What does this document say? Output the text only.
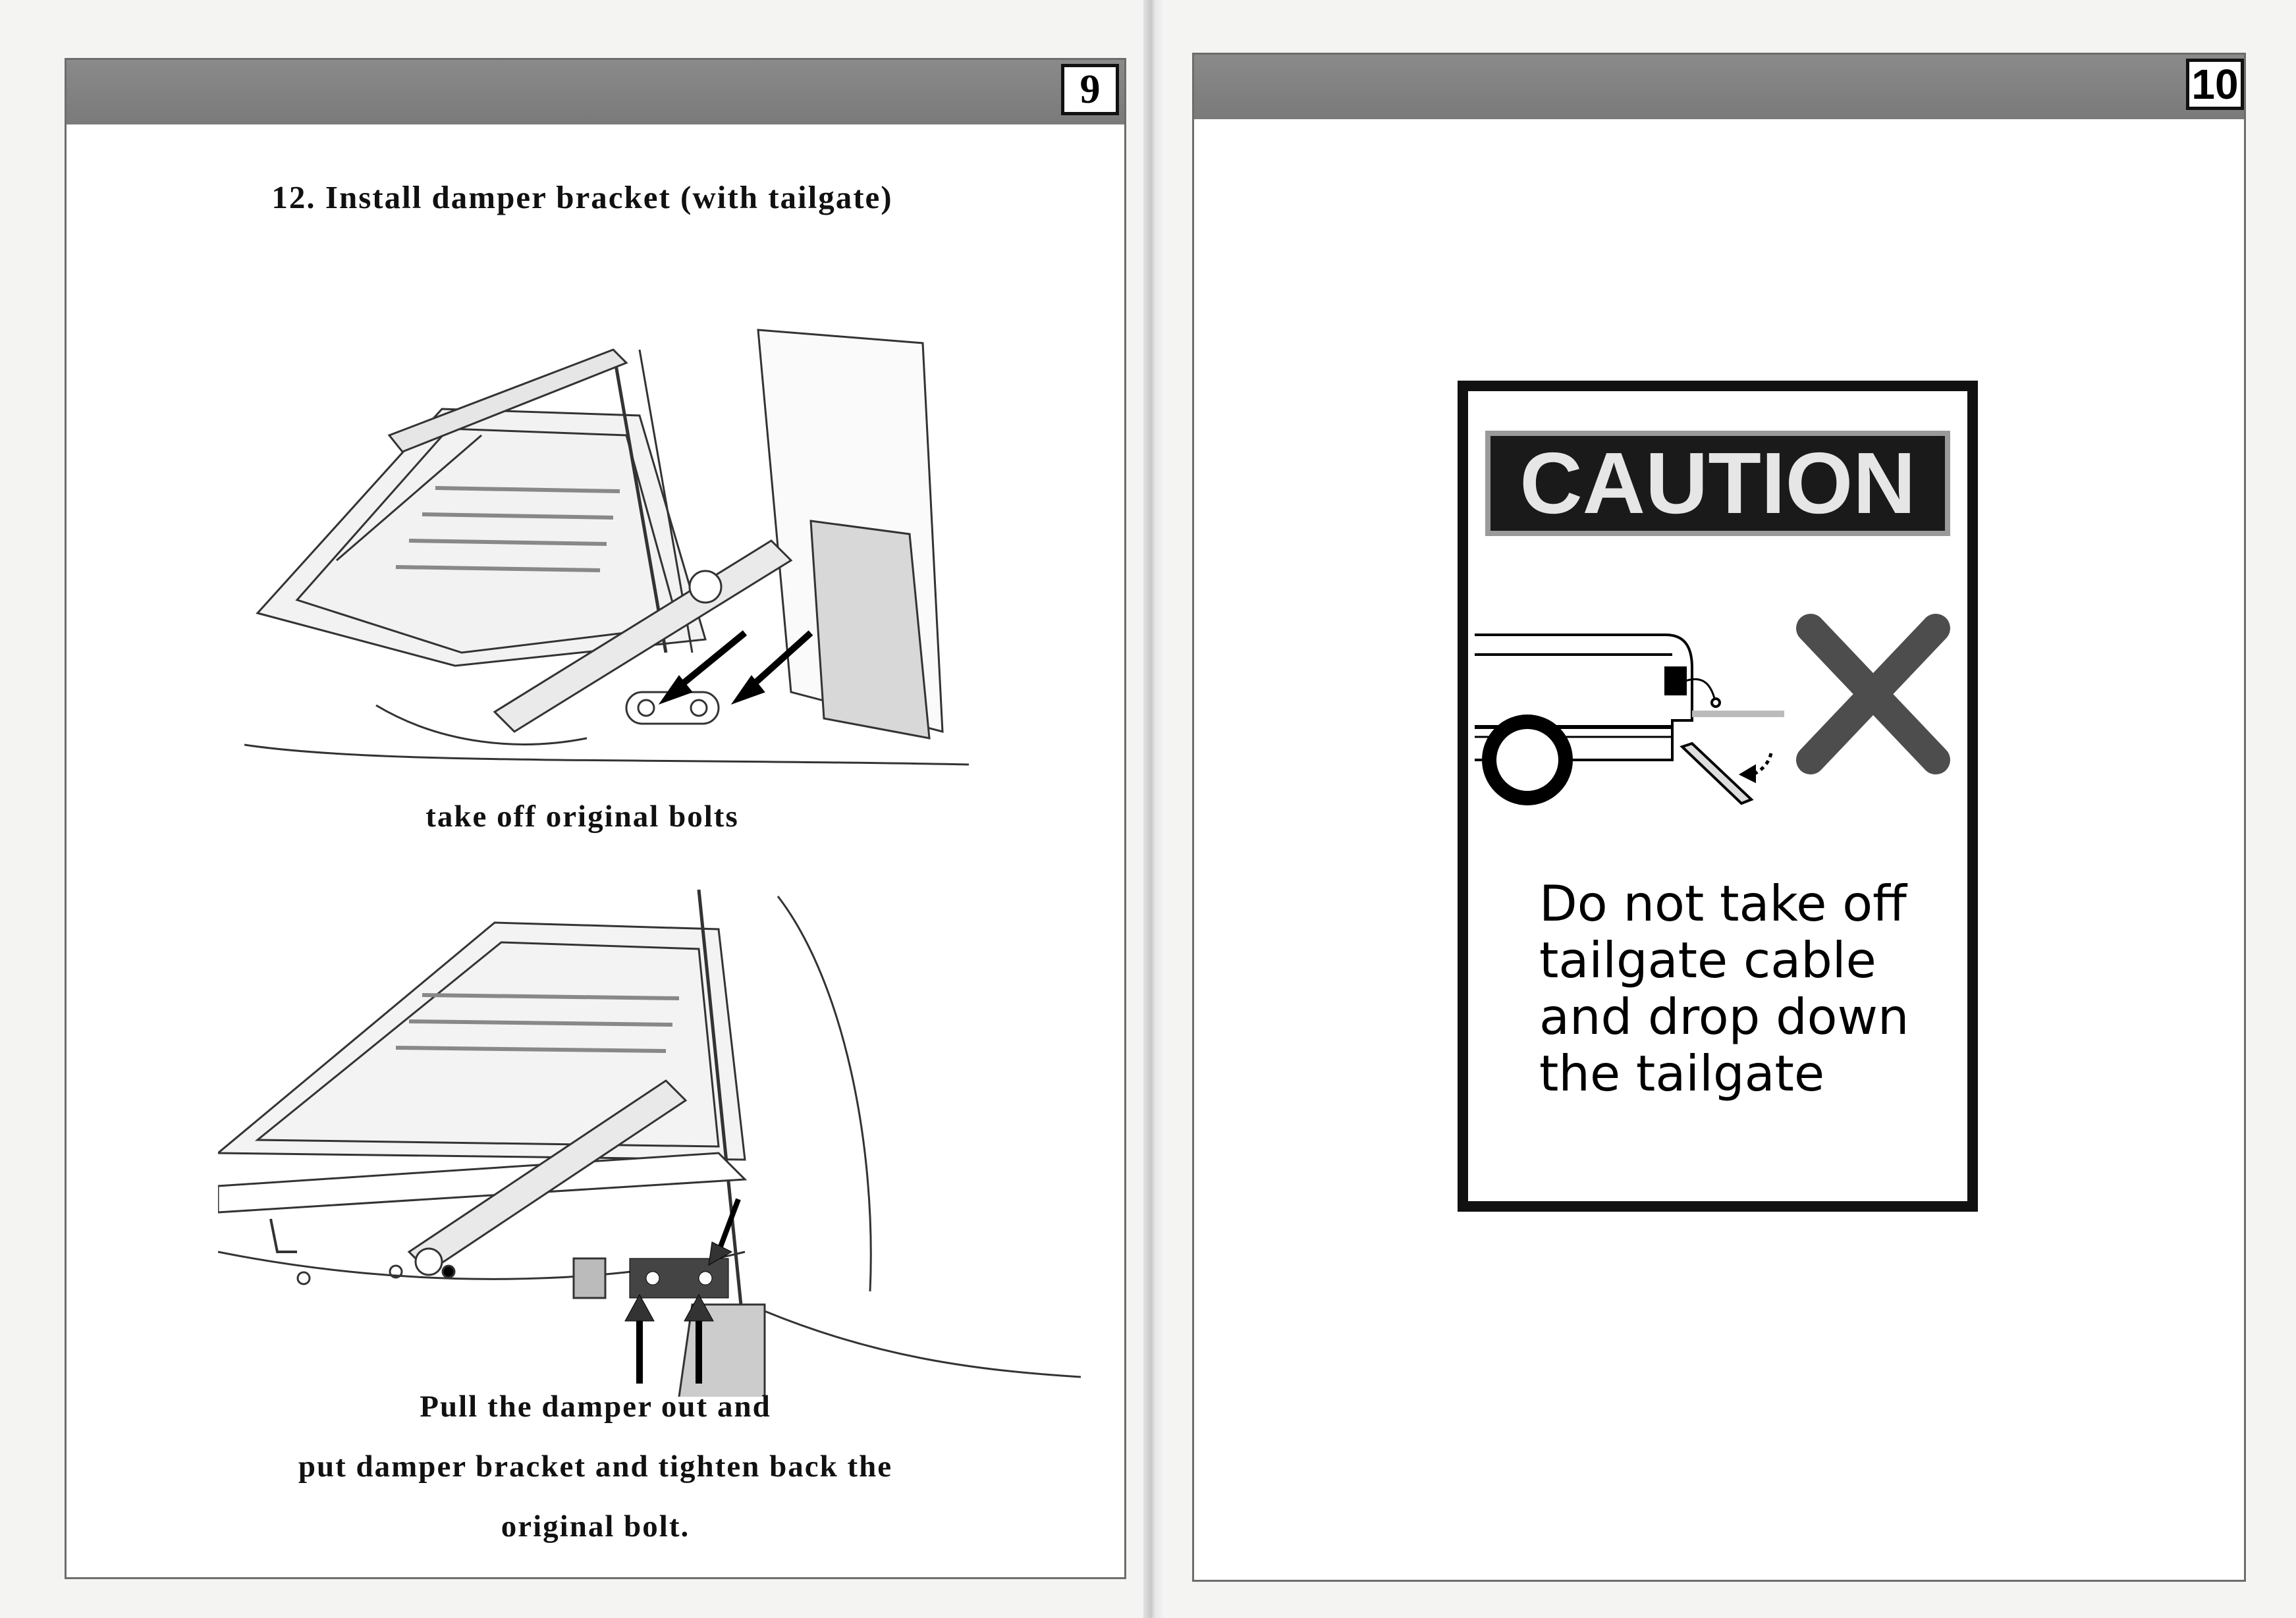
9
12. Install damper bracket (with tailgate)
take off original bolts
Pull the damper out and
put damper bracket and tighten back the
original bolt.
10
CAUTION
Do not take off
tailgate cable
and drop down
the tailgate
